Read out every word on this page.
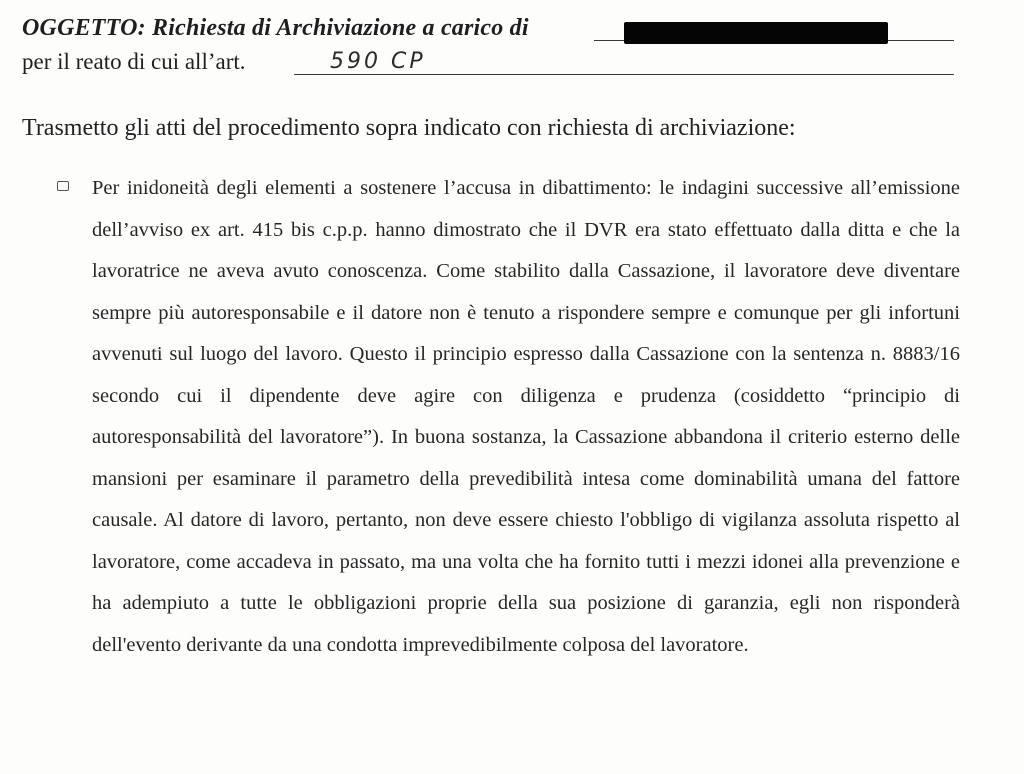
OGGETTO: Richiesta di Archiviazione a carico di
per il reato di cui all’art.	590 CP
Trasmetto gli atti del procedimento sopra indicato con richiesta di archiviazione:
Per inidoneità degli elementi a sostenere l’accusa in dibattimento: le indagini successive all’emissione dell’avviso ex art. 415 bis c.p.p. hanno dimostrato che il DVR era stato effettuato dalla ditta e che la lavoratrice ne aveva avuto conoscenza. Come stabilito dalla Cassazione, il lavoratore deve diventare sempre più autoresponsabile e il datore non è tenuto a rispondere sempre e comunque per gli infortuni avvenuti sul luogo del lavoro. Questo il principio espresso dalla Cassazione con la sentenza n. 8883/16 secondo cui il dipendente deve agire con diligenza e prudenza (cosiddetto “principio di autoresponsabilità del lavoratore”). In buona sostanza, la Cassazione abbandona il criterio esterno delle mansioni per esaminare il parametro della prevedibilità intesa come dominabilità umana del fattore causale. Al datore di lavoro, pertanto, non deve essere chiesto l'obbligo di vigilanza assoluta rispetto al lavoratore, come accadeva in passato, ma una volta che ha fornito tutti i mezzi idonei alla prevenzione e ha adempiuto a tutte le obbligazioni proprie della sua posizione di garanzia, egli non risponderà dell'evento derivante da una condotta imprevedibilmente colposa del lavoratore.
